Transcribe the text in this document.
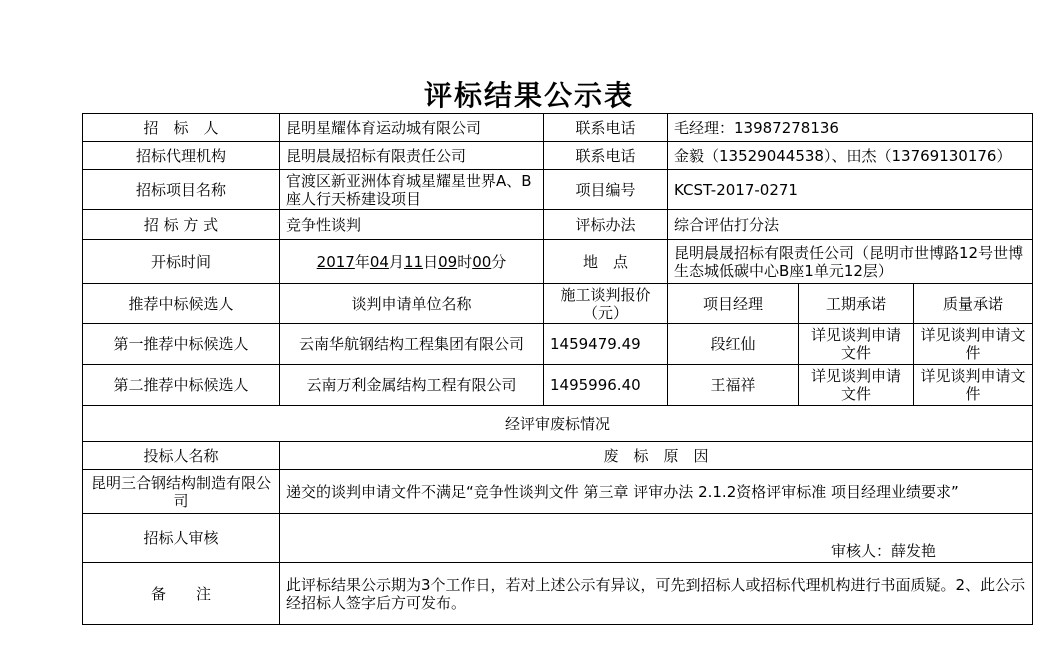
评标结果公示表
招　标　人	昆明星耀体育运动城有限公司	联系电话	毛经理：13987278136		
招标代理机构	昆明晨晟招标有限责任公司	联系电话	金毅（13529044538）、田杰（13769130176）		
招标项目名称	官渡区新亚洲体育城星耀星世界A、B座人行天桥建设项目	项目编号	KCST-2017-0271		
招 标 方 式	竞争性谈判	评标办法	综合评估打分法		
开标时间	2017年04月11日09时00分	地　点	昆明晨晟招标有限责任公司（昆明市世博路12号世博生态城低碳中心B座1单元12层）		
推荐中标候选人	谈判申请单位名称	施工谈判报价（元）	项目经理	工期承诺	质量承诺
第一推荐中标候选人	云南华航钢结构工程集团有限公司	1459479.49	段红仙	详见谈判申请文件	详见谈判申请文件
第二推荐中标候选人	云南万利金属结构工程有限公司	1495996.40	王福祥	详见谈判申请文件	详见谈判申请文件
经评审废标情况					
投标人名称	废　标　原　因				
昆明三合钢结构制造有限公司	递交的谈判申请文件不满足“竞争性谈判文件 第三章 评审办法 2.1.2资格评审标准 项目经理业绩要求”				
招标人审核	审核人：薛发艳				

备　　注	此评标结果公示期为3个工作日，若对上述公示有异议，可先到招标人或招标代理机构进行书面质疑。2、此公示经招标人签字后方可发布。				
